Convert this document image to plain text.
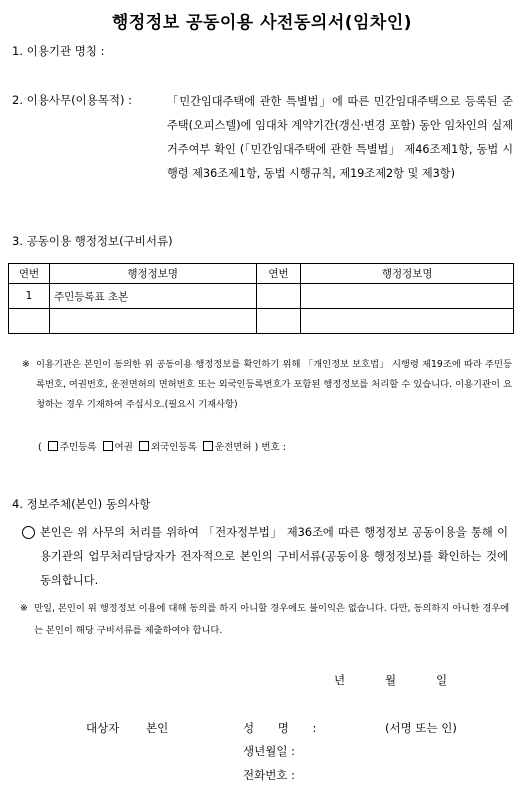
행정정보 공동이용 사전동의서(임차인)
1. 이용기관 명칭 :
2. 이용사무(이용목적) :	「민간임대주택에 관한 특별법」에 따른 민간임대주택으로 등록된 준주택(오피스텔)에 임대차 계약기간(갱신·변경 포함) 동안 임차인의 실제 거주여부 확인 (「민간임대주택에 관한 특별법」 제46조제1항, 동법 시행령 제36조제1항, 동법 시행규칙, 제19조제2항 및 제3항)
3. 공동이용 행정정보(구비서류)
연번	행정정보명	연번	행정정보명
1	주민등록표 초본		

※ 이용기관은 본인이 동의한 위 공동이용 행정정보를 확인하기 위해 「개인정보 보호법」 시행령 제19조에 따라 주민등록번호, 여권번호, 운전면허의 면허번호 또는 외국인등록번호가 포함된 행정정보를 처리할 수 있습니다. 이용기관이 요청하는 경우 기재하여 주십시오.(필요시 기재사항)
( 주민등록 여권 외국인등록 운전면허 ) 번호 :
4. 정보주체(본인) 동의사항
본인은 위 사무의 처리를 위하여 「전자정부법」 제36조에 따른 행정정보 공동이용을 통해 이용기관의 업무처리담당자가 전자적으로 본인의 구비서류(공동이용 행정정보)를 확인하는 것에 동의합니다.
※ 만일, 본인이 위 행정정보 이용에 대해 동의를 하지 아니할 경우에도 불이익은 없습니다. 다만, 동의하지 아니한 경우에는 본인이 해당 구비서류를 제출하여야 합니다.
년	월	일
대상자 본인	성 명 :	(서명 또는 인)
생년월일 :
전화번호 :
